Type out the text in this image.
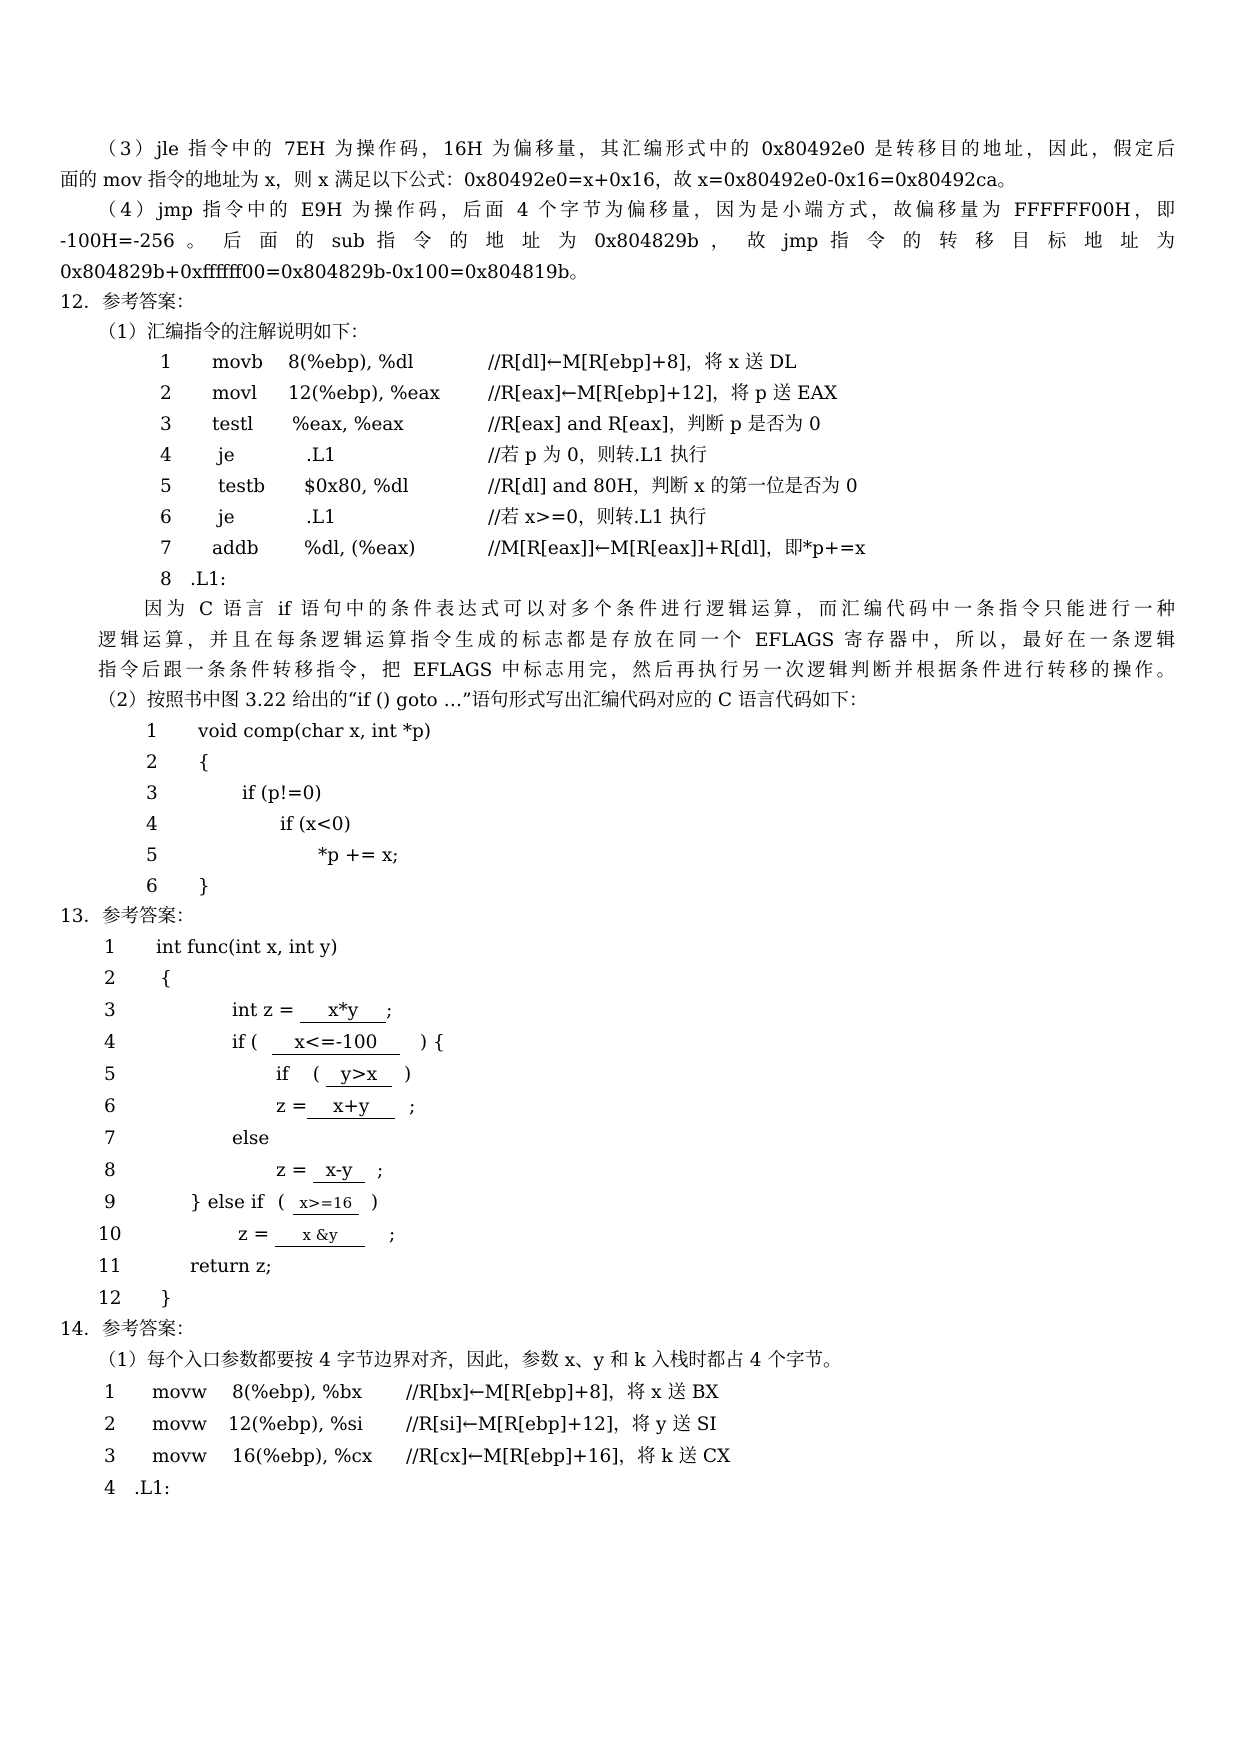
（3）jle 指令中的 7EH 为操作码，16H 为偏移量，其汇编形式中的 0x80492e0 是转移目的地址，因此，假定后
面的 mov 指令的地址为 x，则 x 满足以下公式：0x80492e0=x+0x16，故 x=0x80492e0-0x16=0x80492ca。
（4）jmp 指令中的 E9H 为操作码，后面 4 个字节为偏移量，因为是小端方式，故偏移量为 FFFFFF00H，即
-100H=-256 。 后 面 的 sub 指 令 的 地 址 为 0x804829b ， 故 jmp 指 令 的 转 移 目 标 地 址 为
0x804829b+0xffffff00=0x804829b-0x100=0x804819b。
12．参考答案：
（1）汇编指令的注解说明如下：
1 movb 8(%ebp), %dl	//R[dl]←M[R[ebp]+8]，将 x 送 DL
2 movl 12(%ebp), %eax	//R[eax]←M[R[ebp]+12]，将 p 送 EAX
3 testl %eax, %eax	//R[eax] and R[eax]，判断 p 是否为 0
4 je	.L1	//若 p 为 0，则转.L1 执行
5 testb $0x80, %dl	//R[dl] and 80H，判断 x 的第一位是否为 0
6 je	.L1	//若 x>=0，则转.L1 执行
7 addb %dl, (%eax)	//M[R[eax]]←M[R[eax]]+R[dl]，即*p+=x
8 .L1:
因为 C 语言 if 语句中的条件表达式可以对多个条件进行逻辑运算，而汇编代码中一条指令只能进行一种
逻辑运算，并且在每条逻辑运算指令生成的标志都是存放在同一个 EFLAGS 寄存器中，所以，最好在一条逻辑
指令后跟一条条件转移指令，把 EFLAGS 中标志用完，然后再执行另一次逻辑判断并根据条件进行转移的操作。
（2）按照书中图 3.22 给出的“if () goto …”语句形式写出汇编代码对应的 C 语言代码如下：
1 void comp(char x, int *p)
2 {
3	if (p!=0)
4	if (x<0)
5	*p += x;
6 }
13．参考答案：
1 int func(int x, int y)
2 {
3	int z = x*y ;
4	if ( x<=-100 ) {
5	if ( y>x )
6	z = x+y ;
7	else
8	z = x-y ;
9	} else if ( x>=16 )
10	z = x &y	;
11	return z;
12 }
14．参考答案：
（1）每个入口参数都要按 4 字节边界对齐，因此，参数 x、y 和 k 入栈时都占 4 个字节。
1 movw 8(%ebp), %bx //R[bx]←M[R[ebp]+8]，将 x 送 BX
2 movw 12(%ebp), %si //R[si]←M[R[ebp]+12]，将 y 送 SI
3 movw 16(%ebp), %cx //R[cx]←M[R[ebp]+16]，将 k 送 CX
4 .L1:
